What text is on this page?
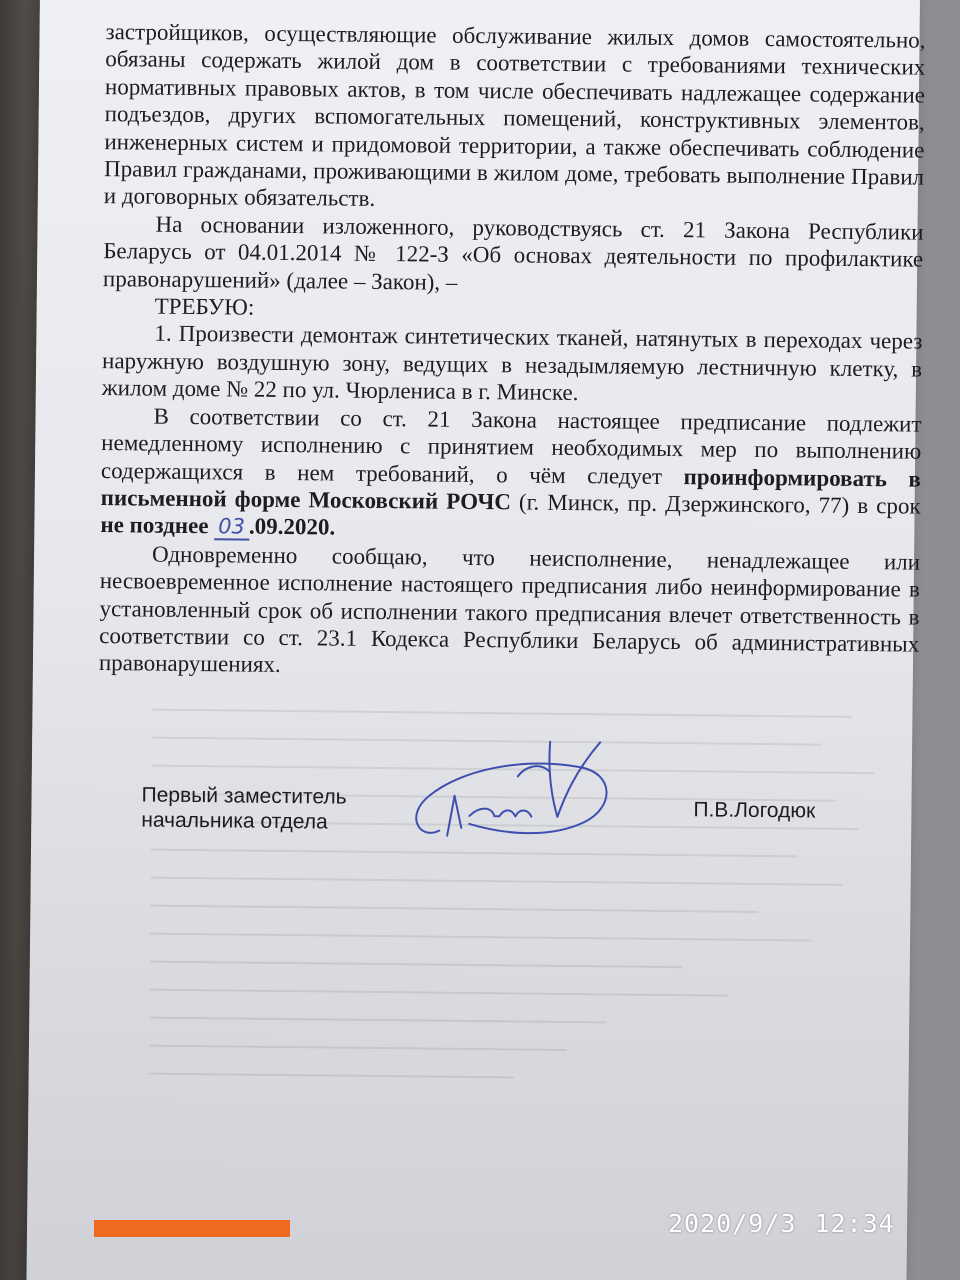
застройщиков, осуществляющие обслуживание жилых домов самостоятельно, обязаны содержать жилой дом в соответствии с требованиями технических нормативных правовых актов, в том числе обеспечивать надлежащее содержание подъездов, других вспомогательных помещений, конструктивных элементов, инженерных систем и придомовой территории, а также обеспечивать соблюдение Правил гражданами, проживающими в жилом доме, требовать выполнение Правил и договорных обязательств.

На основании изложенного, руководствуясь ст. 21 Закона Республики Беларусь от 04.01.2014 № 122-З «Об основах деятельности по профилактике правонарушений» (далее – Закон), –

ТРЕБУЮ:

1. Произвести демонтаж синтетических тканей, натянутых в переходах через наружную воздушную зону, ведущих в незадымляемую лестничную клетку, в жилом доме № 22 по ул. Чюрлениса в г. Минске.

В соответствии со ст. 21 Закона настоящее предписание подлежит немедленному исполнению с принятием необходимых мер по выполнению содержащихся в нем требований, о чём следует проинформировать в письменной форме Московский РОЧС (г. Минск, пр. Дзержинского, 77) в срок не позднее 03 .09.2020.

Одновременно сообщаю, что неисполнение, ненадлежащее или несвоевременное исполнение настоящего предписания либо неинформирование в установленный срок об исполнении такого предписания влечет ответственность в соответствии со ст. 23.1 Кодекса Республики Беларусь об административных правонарушениях.

Первый заместитель
начальника отдела	П.В.Логодюк
2020/9/3 12:34
